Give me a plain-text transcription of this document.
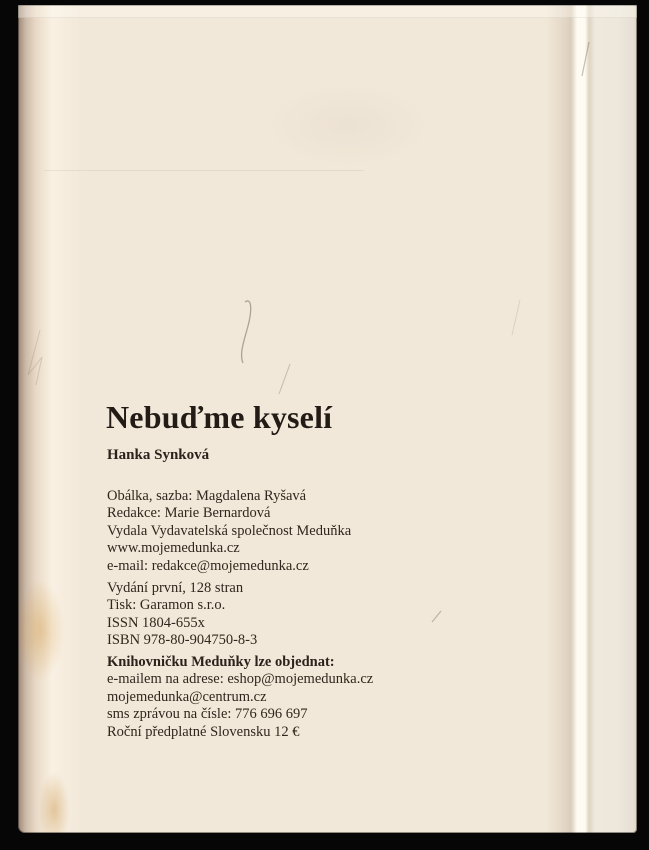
Nebuďme kyselí
Hanka Synková
Obálka, sazba: Magdalena Ryšavá
Redakce: Marie Bernardová
Vydala Vydavatelská společnost Meduňka
www.mojemedunka.cz
e-mail: redakce@mojemedunka.cz
Vydání první, 128 stran
Tisk: Garamon s.r.o.
ISSN 1804-655x
ISBN 978-80-904750-8-3
Knihovničku Meduňky lze objednat:
e-mailem na adrese: eshop@mojemedunka.cz
mojemedunka@centrum.cz
sms zprávou na čísle: 776 696 697
Roční předplatné Slovensku 12 €
